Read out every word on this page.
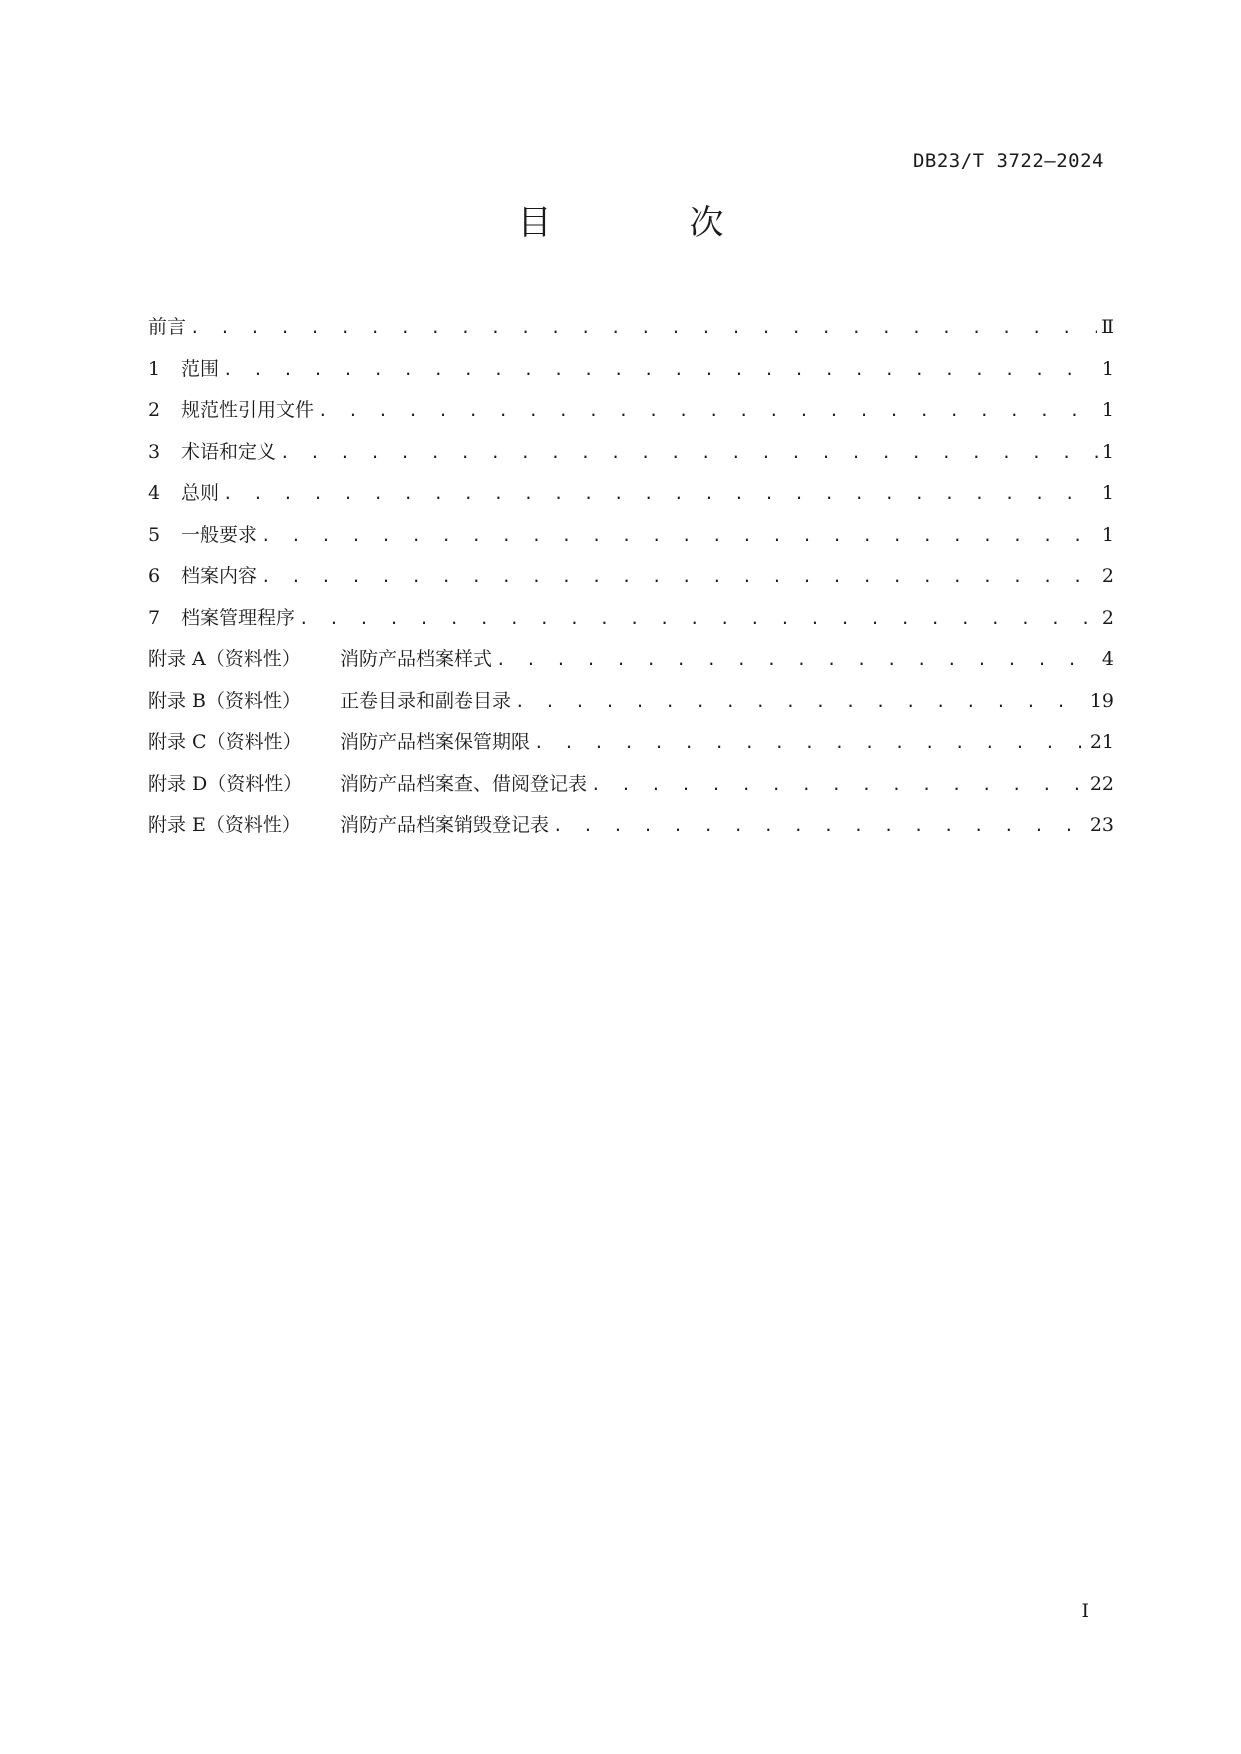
DB23/T 3722—2024
目　次
前言 . . .	Ⅱ
1	范围 . . .	1
2	规范性引用文件 . . .	1
3	术语和定义 . . .	1
4	总则 . . .	1
5	一般要求 . . .	1
6	档案内容 . . .	2
7	档案管理程序 . . .	2
附录 A（资料性）	消防产品档案样式 . . .	4
附录 B（资料性）	正卷目录和副卷目录 . . .	19
附录 C（资料性）	消防产品档案保管期限 . . .	21
附录 D（资料性）	消防产品档案查、借阅登记表 . . .	22
附录 E（资料性）	消防产品档案销毁登记表 . . .	23
I
